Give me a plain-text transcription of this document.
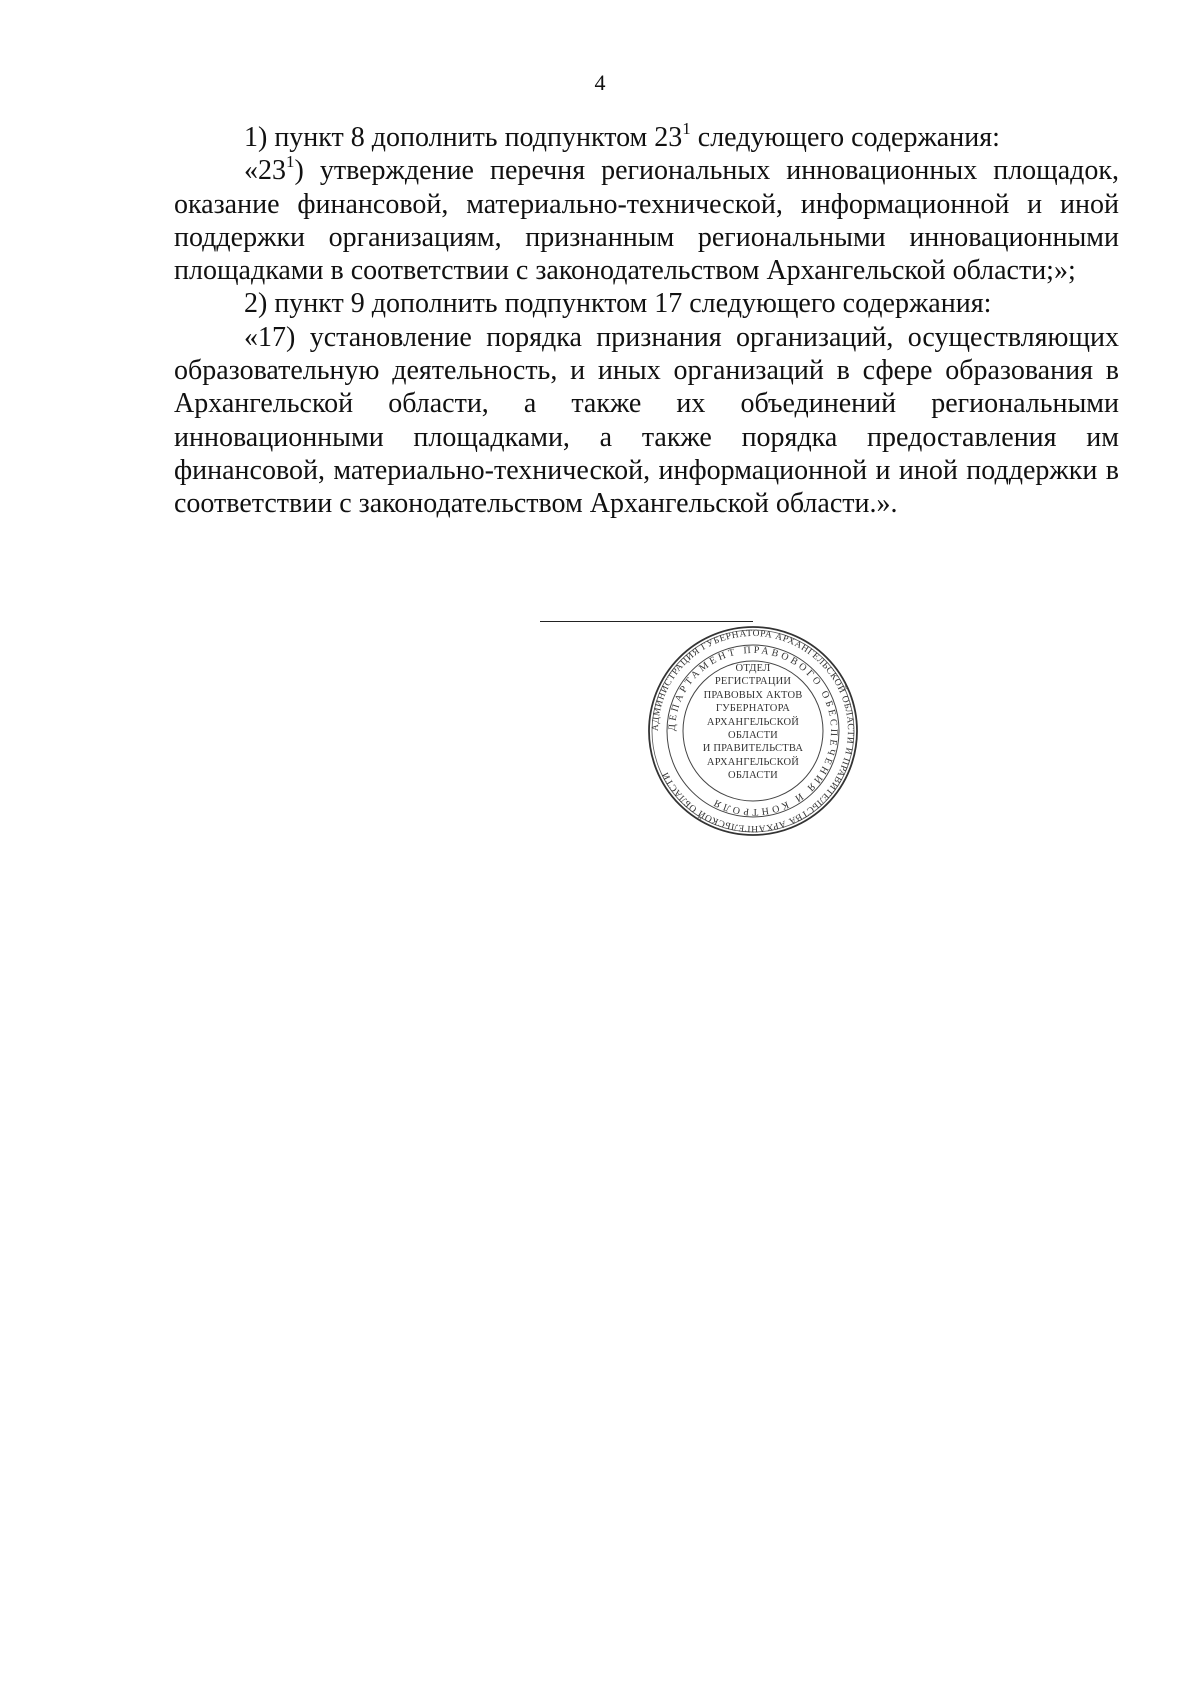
4

1) пункт 8 дополнить подпунктом $23^1$ следующего содержания:

«$23^1$) утверждение перечня региональных инновационных площадок, оказание финансовой, материально-технической, информационной и иной поддержки организациям, признанным региональными инновационными площадками в соответствии с законодательством Архангельской области;»;

2) пункт 9 дополнить подпунктом 17 следующего содержания:

«17) установление порядка признания организаций, осуществляющих образовательную деятельность, и иных организаций в сфере образования в Архангельской области, а также их объединений региональными инновационными площадками, а также порядка предоставления им финансовой, материально-технической, информационной и иной поддержки в соответствии с законодательством Архангельской области.».

АДМИНИСТРАЦИЯ ГУБЕРНАТОРА АРХАНГЕЛЬСКОЙ ОБЛАСТИ И ПРАВИТЕЛЬСТВА АРХАНГЕЛЬСКОЙ ОБЛАСТИ
ДЕПАРТАМЕНТ ПРАВОВОГО ОБЕСПЕЧЕНИЯ И КОНТРОЛЯ
ОТДЕЛ
РЕГИСТРАЦИИ
ПРАВОВЫХ АКТОВ
ГУБЕРНАТОРА
АРХАНГЕЛЬСКОЙ
ОБЛАСТИ
И ПРАВИТЕЛЬСТВА
АРХАНГЕЛЬСКОЙ
ОБЛАСТИ
